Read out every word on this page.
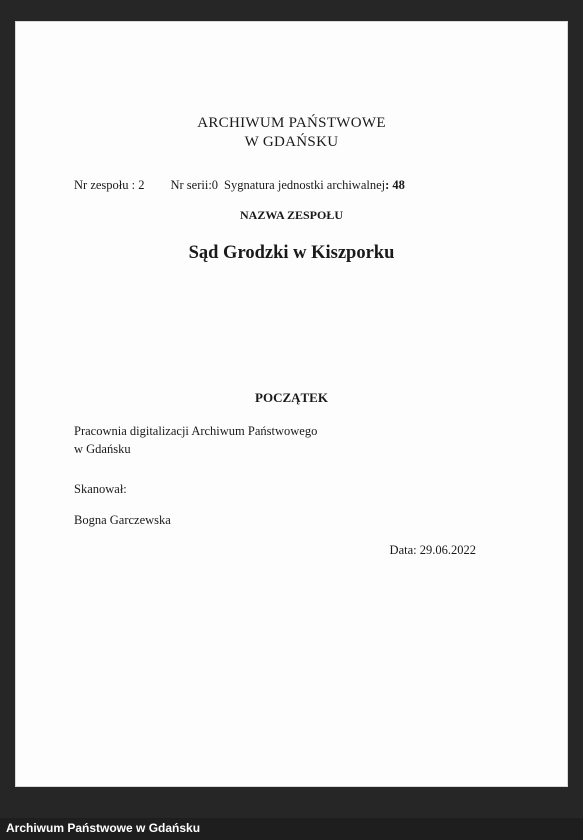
ARCHIWUM PAŃSTWOWE
W GDAŃSKU
Nr zespołu : 2 Nr serii:0 Sygnatura jednostki archiwalnej: 48
NAZWA ZESPOŁU
Sąd Grodzki w Kiszporku
POCZĄTEK
Pracownia digitalizacji Archiwum Państwowego
w Gdańsku
Skanował:
Bogna Garczewska
Data: 29.06.2022
Archiwum Państwowe w Gdańsku
